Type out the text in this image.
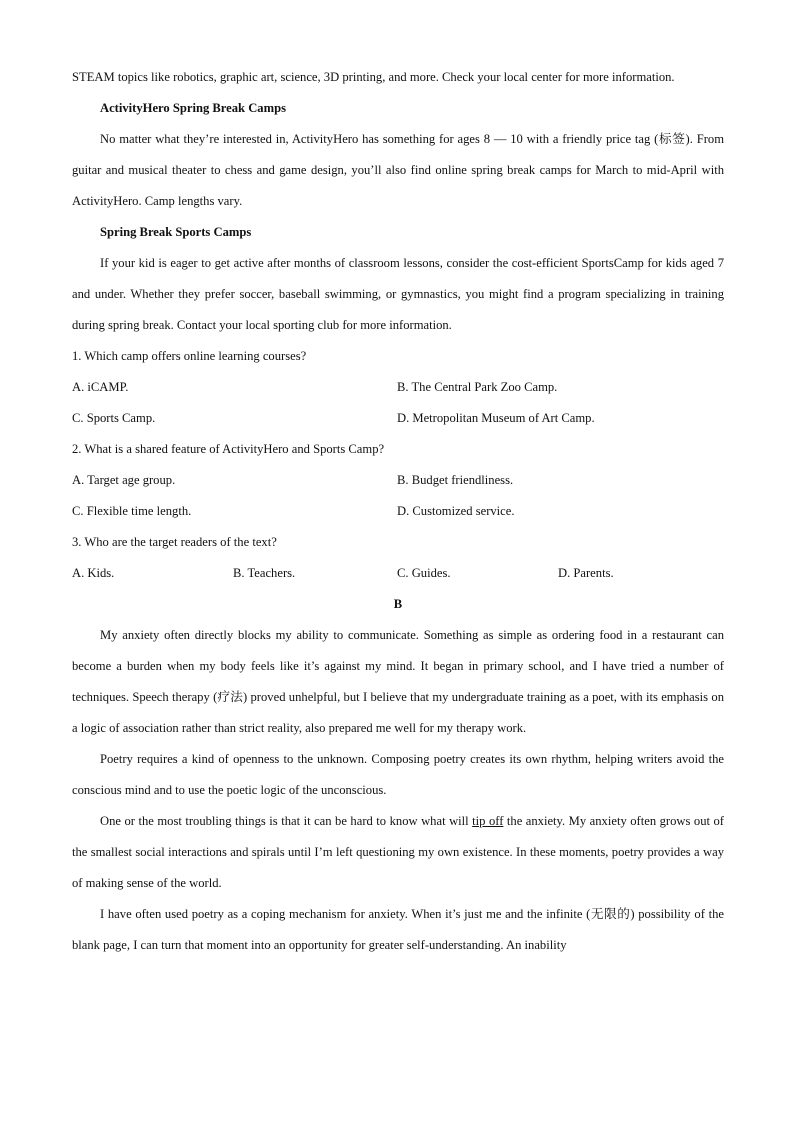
STEAM topics like robotics, graphic art, science, 3D printing, and more. Check your local center for more information.

ActivityHero Spring Break Camps

No matter what they’re interested in, ActivityHero has something for ages 8 — 10 with a friendly price tag (标签). From guitar and musical theater to chess and game design, you’ll also find online spring break camps for March to mid-April with ActivityHero. Camp lengths vary.

Spring Break Sports Camps

If your kid is eager to get active after months of classroom lessons, consider the cost-efficient SportsCamp for kids aged 7 and under. Whether they prefer soccer, baseball swimming, or gymnastics, you might find a program specializing in training during spring break. Contact your local sporting club for more information.

1. Which camp offers online learning courses?
A. iCAMP.	B. The Central Park Zoo Camp.
C. Sports Camp.	D. Metropolitan Museum of Art Camp.
2. What is a shared feature of ActivityHero and Sports Camp?
A. Target age group.	B. Budget friendliness.
C. Flexible time length.	D. Customized service.
3. Who are the target readers of the text?
A. Kids.	B. Teachers.	C. Guides.	D. Parents.
B

My anxiety often directly blocks my ability to communicate. Something as simple as ordering food in a restaurant can become a burden when my body feels like it’s against my mind. It began in primary school, and I have tried a number of techniques. Speech therapy (疗法) proved unhelpful, but I believe that my undergraduate training as a poet, with its emphasis on a logic of association rather than strict reality, also prepared me well for my therapy work.

Poetry requires a kind of openness to the unknown. Composing poetry creates its own rhythm, helping writers avoid the conscious mind and to use the poetic logic of the unconscious.

One or the most troubling things is that it can be hard to know what will tip off the anxiety. My anxiety often grows out of the smallest social interactions and spirals until I’m left questioning my own existence. In these moments, poetry provides a way of making sense of the world.

I have often used poetry as a coping mechanism for anxiety. When it’s just me and the infinite (无限的) possibility of the blank page, I can turn that moment into an opportunity for greater self-understanding. An inability
